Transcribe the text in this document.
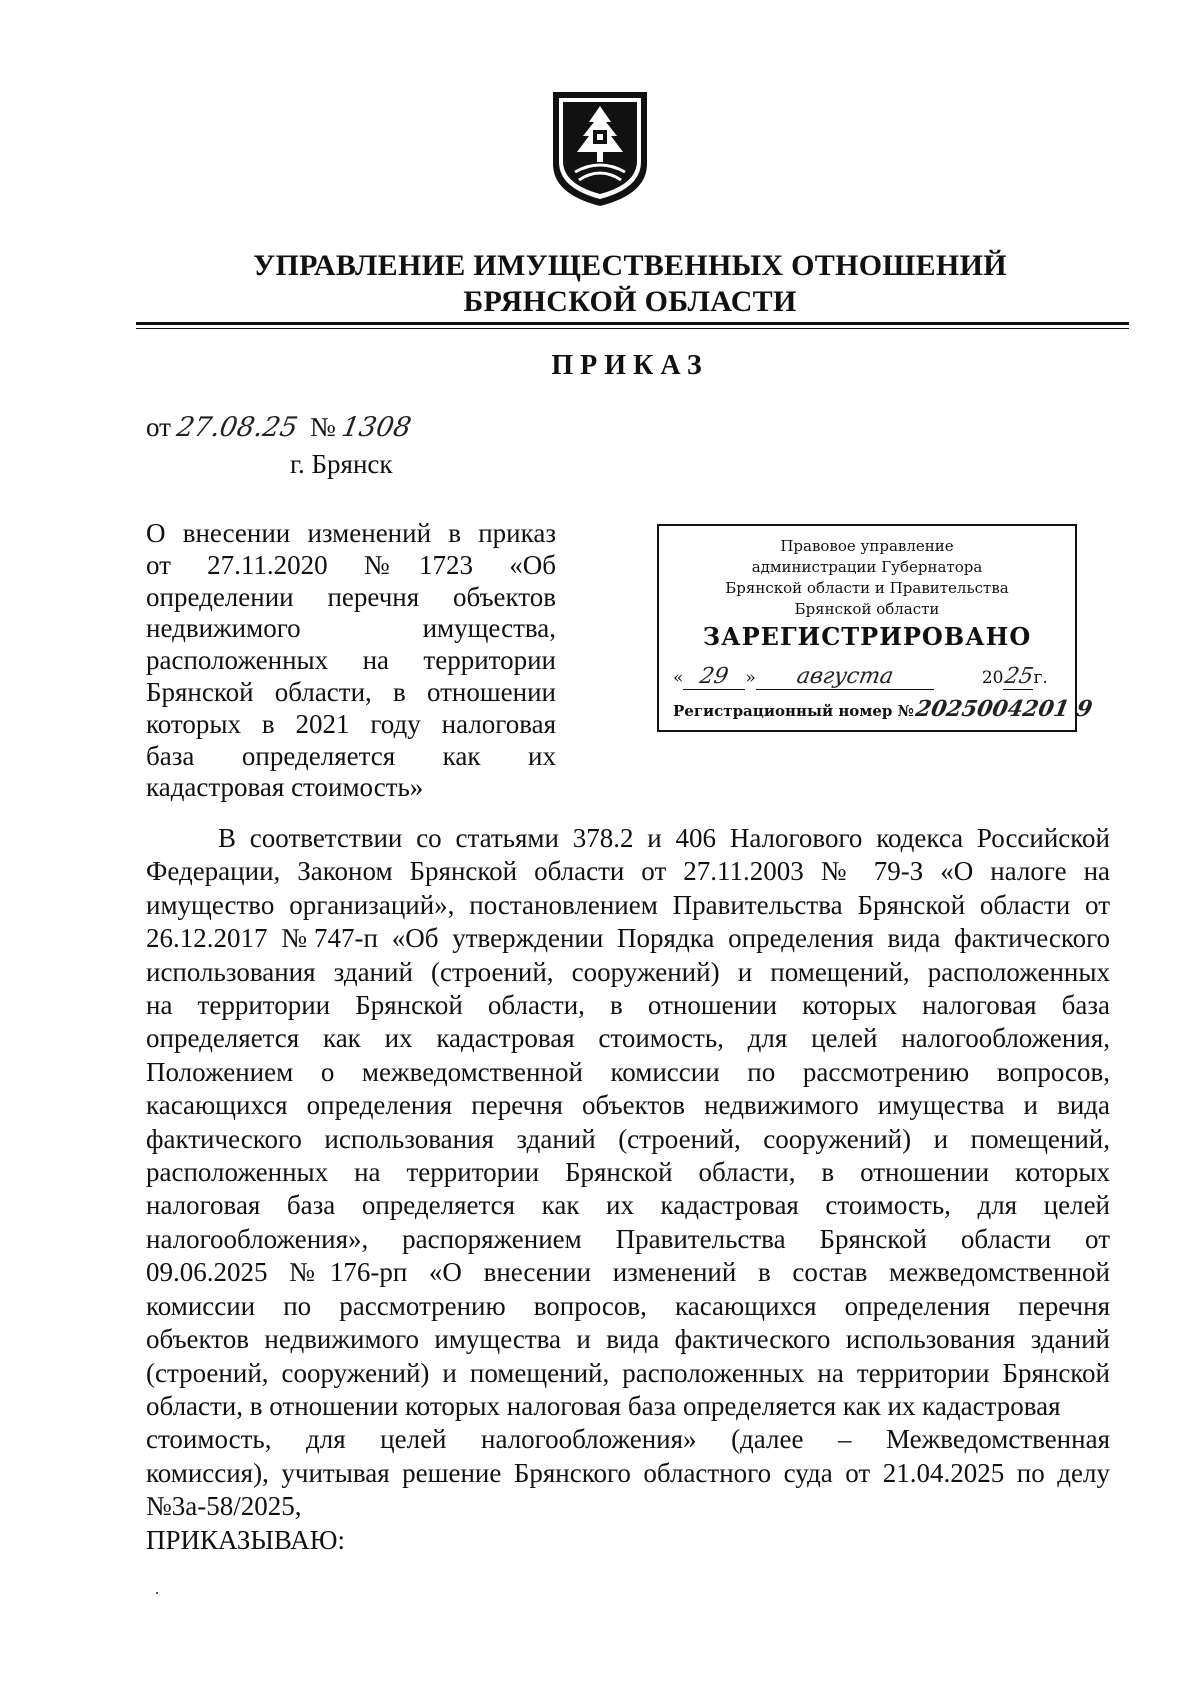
УПРАВЛЕНИЕ ИМУЩЕСТВЕННЫХ ОТНОШЕНИЙ
БРЯНСКОЙ ОБЛАСТИ
ПРИКАЗ
от 27.08.25 № 1308
г. Брянск
О внесении изменений в приказ
от 27.11.2020 №1723 «Об
определении перечня объектов
недвижимого имущества,
расположенных на территории
Брянской области, в отношении
которых в 2021 году налоговая
база определяется как их
кадастровая стоимость»
Правовое управление
администрации Губернатора
Брянской области и Правительства
Брянской области
ЗАРЕГИСТРИРОВАНО
« 29 » августа	2025г.
Регистрационный номер №2025004201 9
В соответствии со статьями 378.2 и 406 Налогового кодекса Российской
Федерации, Законом Брянской области от 27.11.2003 № 79-З «О налоге на
имущество организаций», постановлением Правительства Брянской области от
26.12.2017 №747-п «Об утверждении Порядка определения вида фактического
использования зданий (строений, сооружений) и помещений, расположенных
на территории Брянской области, в отношении которых налоговая база
определяется как их кадастровая стоимость, для целей налогообложения,
Положением о межведомственной комиссии по рассмотрению вопросов,
касающихся определения перечня объектов недвижимого имущества и вида
фактического использования зданий (строений, сооружений) и помещений,
расположенных на территории Брянской области, в отношении которых
налоговая база определяется как их кадастровая стоимость, для целей
налогообложения», распоряжением Правительства Брянской области от
09.06.2025 №176-рп «О внесении изменений в состав межведомственной
комиссии по рассмотрению вопросов, касающихся определения перечня
объектов недвижимого имущества и вида фактического использования зданий
(строений, сооружений) и помещений, расположенных на территории Брянской
области, в отношении которых налоговая база определяется как их кадастровая
стоимость, для целей налогообложения» (далее – Межведомственная
комиссия), учитывая решение Брянского областного суда от 21.04.2025 по делу
№3а-58/2025,
ПРИКАЗЫВАЮ:
